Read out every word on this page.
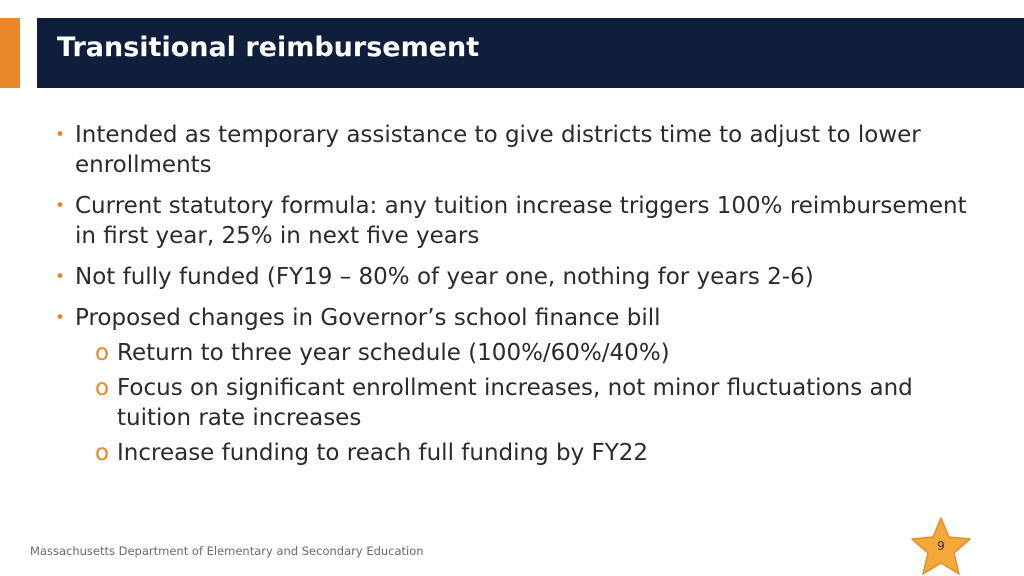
Transitional reimbursement
• Intended as temporary assistance to give districts time to adjust to lower enrollments
• Current statutory formula: any tuition increase triggers 100% reimbursement in first year, 25% in next five years
• Not fully funded (FY19 – 80% of year one, nothing for years 2-6)
• Proposed changes in Governor’s school finance bill
o Return to three year schedule (100%/60%/40%)
o Focus on significant enrollment increases, not minor fluctuations and tuition rate increases
o Increase funding to reach full funding by FY22
Massachusetts Department of Elementary and Secondary Education	9
